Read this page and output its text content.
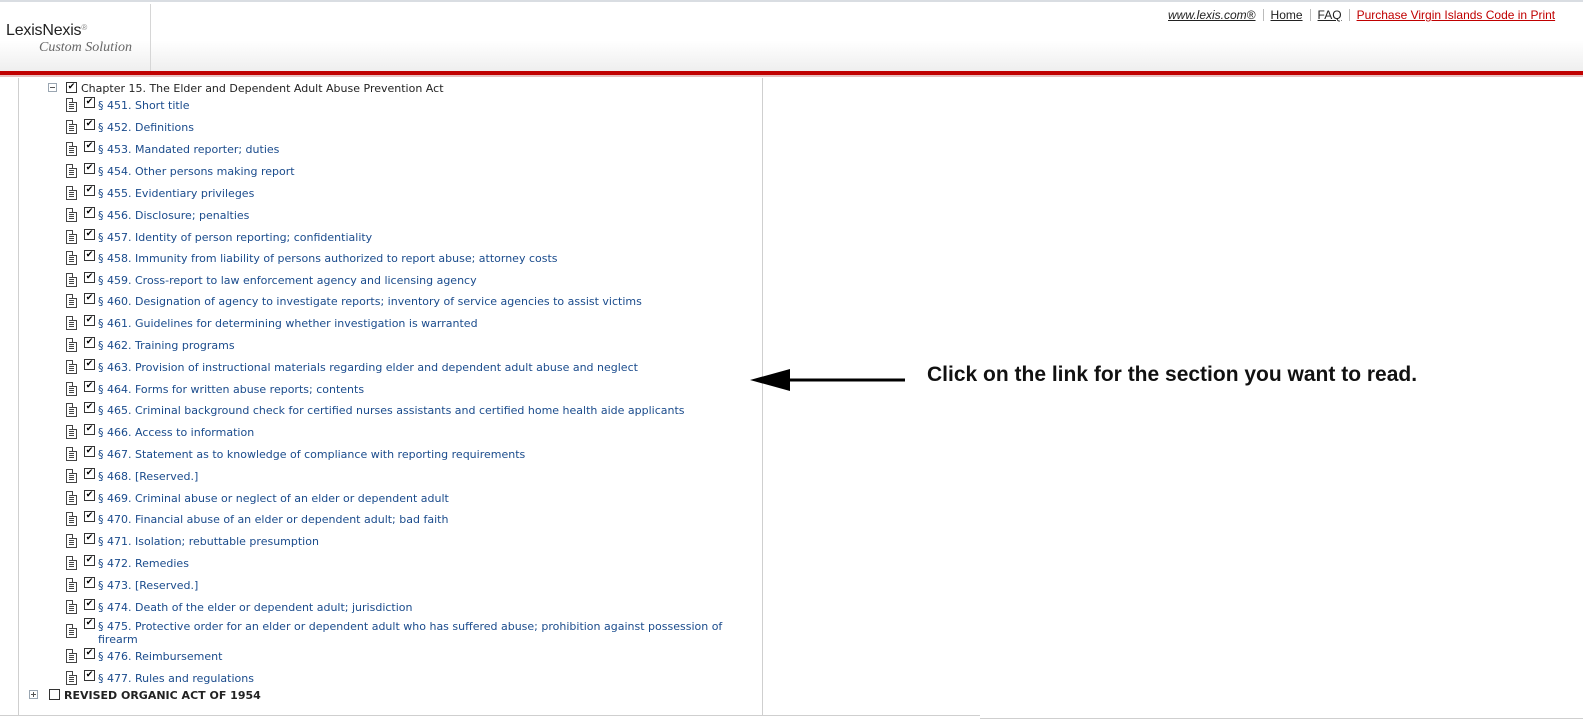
LexisNexis®
Custom Solution
www.lexis.com® Home FAQ Purchase Virgin Islands Code in Print
✔
Chapter 15. The Elder and Dependent Adult Abuse Prevention Act
✔
§ 451. Short title
✔
§ 452. Definitions
✔
§ 453. Mandated reporter; duties
✔
§ 454. Other persons making report
✔
§ 455. Evidentiary privileges
✔
§ 456. Disclosure; penalties
✔
§ 457. Identity of person reporting; confidentiality
✔
§ 458. Immunity from liability of persons authorized to report abuse; attorney costs
✔
§ 459. Cross-report to law enforcement agency and licensing agency
✔
§ 460. Designation of agency to investigate reports; inventory of service agencies to assist victims
✔
§ 461. Guidelines for determining whether investigation is warranted
✔
§ 462. Training programs
✔
§ 463. Provision of instructional materials regarding elder and dependent adult abuse and neglect
✔
§ 464. Forms for written abuse reports; contents
✔
§ 465. Criminal background check for certified nurses assistants and certified home health aide applicants
✔
§ 466. Access to information
✔
§ 467. Statement as to knowledge of compliance with reporting requirements
✔
§ 468. [Reserved.]
✔
§ 469. Criminal abuse or neglect of an elder or dependent adult
✔
§ 470. Financial abuse of an elder or dependent adult; bad faith
✔
§ 471. Isolation; rebuttable presumption
✔
§ 472. Remedies
✔
§ 473. [Reserved.]
✔
§ 474. Death of the elder or dependent adult; jurisdiction
✔
§ 475. Protective order for an elder or dependent adult who has suffered abuse; prohibition against possession of firearm
✔
§ 476. Reimbursement
✔
§ 477. Rules and regulations
REVISED ORGANIC ACT OF 1954
Click on the link for the section you want to read.
